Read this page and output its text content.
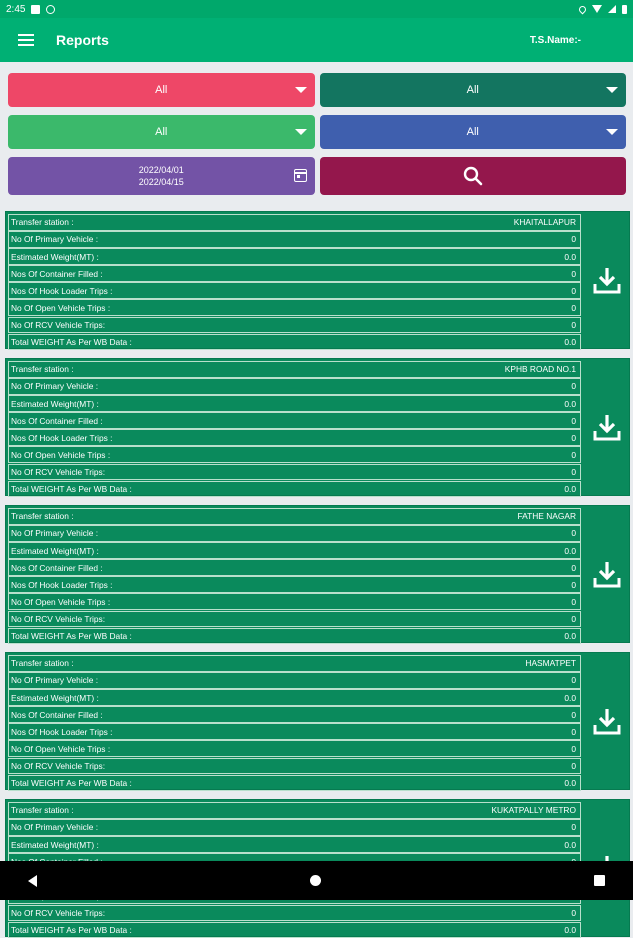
2:45
Reports	T.S.Name:-
All	All
All	All
2022/04/01
2022/04/15
Transfer station :	KHAITALLAPUR
No Of Primary Vehicle :	0
Estimated Weight(MT) :	0.0
Nos Of Container Filled :	0
Nos Of Hook Loader Trips :	0
No Of Open Vehicle Trips :	0
No Of RCV Vehicle Trips:	0
Total WEIGHT As Per WB Data :	0.0
Transfer station :	KPHB ROAD NO.1
No Of Primary Vehicle :	0
Estimated Weight(MT) :	0.0
Nos Of Container Filled :	0
Nos Of Hook Loader Trips :	0
No Of Open Vehicle Trips :	0
No Of RCV Vehicle Trips:	0
Total WEIGHT As Per WB Data :	0.0
Transfer station :	FATHE NAGAR
No Of Primary Vehicle :	0
Estimated Weight(MT) :	0.0
Nos Of Container Filled :	0
Nos Of Hook Loader Trips :	0
No Of Open Vehicle Trips :	0
No Of RCV Vehicle Trips:	0
Total WEIGHT As Per WB Data :	0.0
Transfer station :	HASMATPET
No Of Primary Vehicle :	0
Estimated Weight(MT) :	0.0
Nos Of Container Filled :	0
Nos Of Hook Loader Trips :	0
No Of Open Vehicle Trips :	0
No Of RCV Vehicle Trips:	0
Total WEIGHT As Per WB Data :	0.0
Transfer station :	KUKATPALLY METRO
No Of Primary Vehicle :	0
Estimated Weight(MT) :	0.0
No Of RCV Vehicle Trips:	0
Total WEIGHT As Per WB Data :	0.0
